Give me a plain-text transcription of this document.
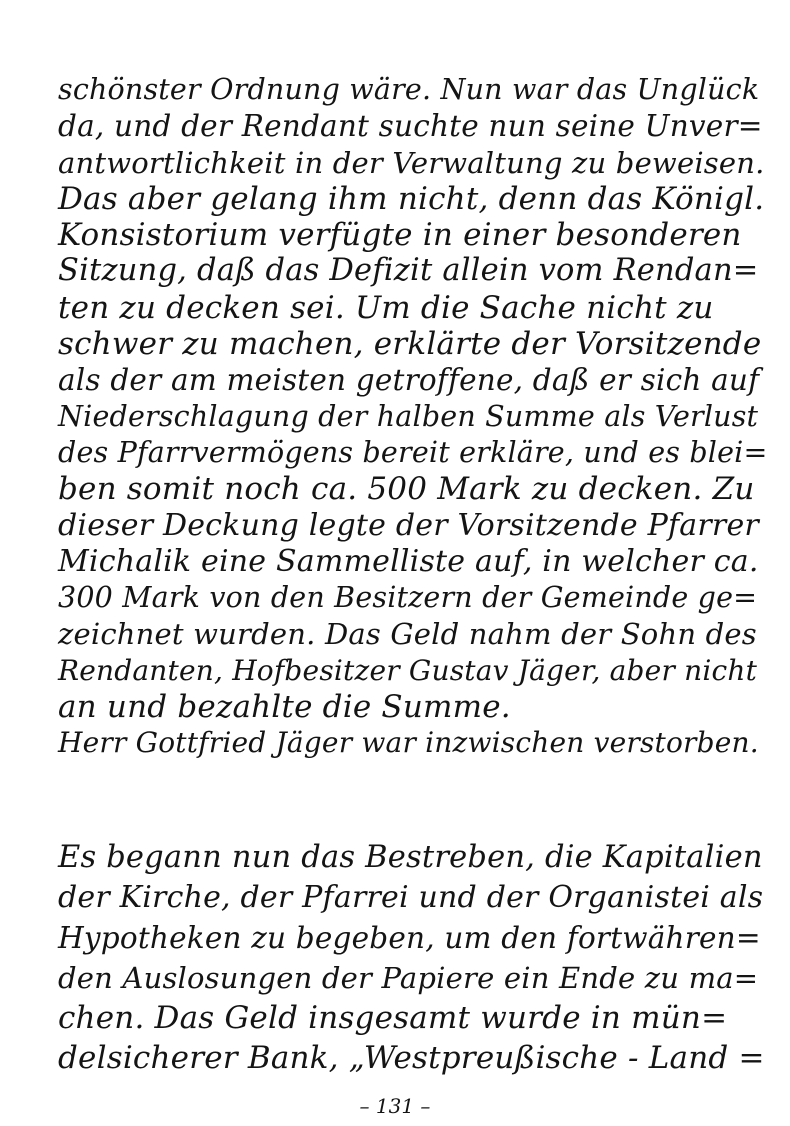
schönster Ordnung wäre. Nun war das Unglück
da, und der Rendant suchte nun seine Unver=
antwortlichkeit in der Verwaltung zu beweisen.
Das aber gelang ihm nicht, denn das Königl.
Konsistorium verfügte in einer besonderen
Sitzung, daß das Defizit allein vom Rendan=
ten zu decken sei. Um die Sache nicht zu
schwer zu machen, erklärte der Vorsitzende
als der am meisten getroffene, daß er sich auf
Niederschlagung der halben Summe als Verlust
des Pfarrvermögens bereit erkläre, und es blei=
ben somit noch ca. 500 Mark zu decken. Zu
dieser Deckung legte der Vorsitzende Pfarrer
Michalik eine Sammelliste auf, in welcher ca.
300 Mark von den Besitzern der Gemeinde ge=
zeichnet wurden. Das Geld nahm der Sohn des
Rendanten, Hofbesitzer Gustav Jäger, aber nicht
an und bezahlte die Summe.
Herr Gottfried Jäger war inzwischen verstorben.
Es begann nun das Bestreben, die Kapitalien
der Kirche, der Pfarrei und der Organistei als
Hypotheken zu begeben, um den fortwähren=
den Auslosungen der Papiere ein Ende zu ma=
chen. Das Geld insgesamt wurde in mün=
delsicherer Bank, „Westpreußische - Land =
– 131 –
